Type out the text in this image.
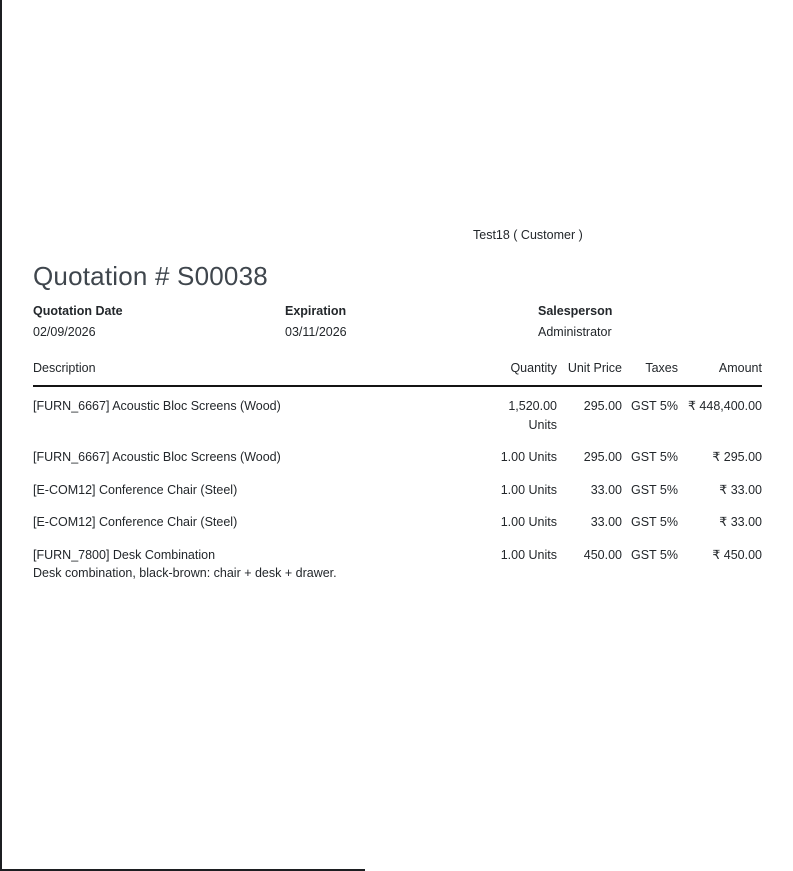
Test18 ( Customer )
Quotation # S00038
Quotation Date
02/09/2026
Expiration
03/11/2026
Salesperson
Administrator
Description	Quantity	Unit Price	Taxes	Amount

[FURN_6667] Acoustic Bloc Screens (Wood)	1,520.00 Units	295.00	GST 5%	₹ 448,400.00

[FURN_6667] Acoustic Bloc Screens (Wood)	1.00 Units	295.00	GST 5%	₹ 295.00

[E-COM12] Conference Chair (Steel)	1.00 Units	33.00	GST 5%	₹ 33.00

[E-COM12] Conference Chair (Steel)	1.00 Units	33.00	GST 5%	₹ 33.00

[FURN_7800] Desk Combination
Desk combination, black-brown: chair + desk + drawer.	1.00 Units	450.00	GST 5%	₹ 450.00
